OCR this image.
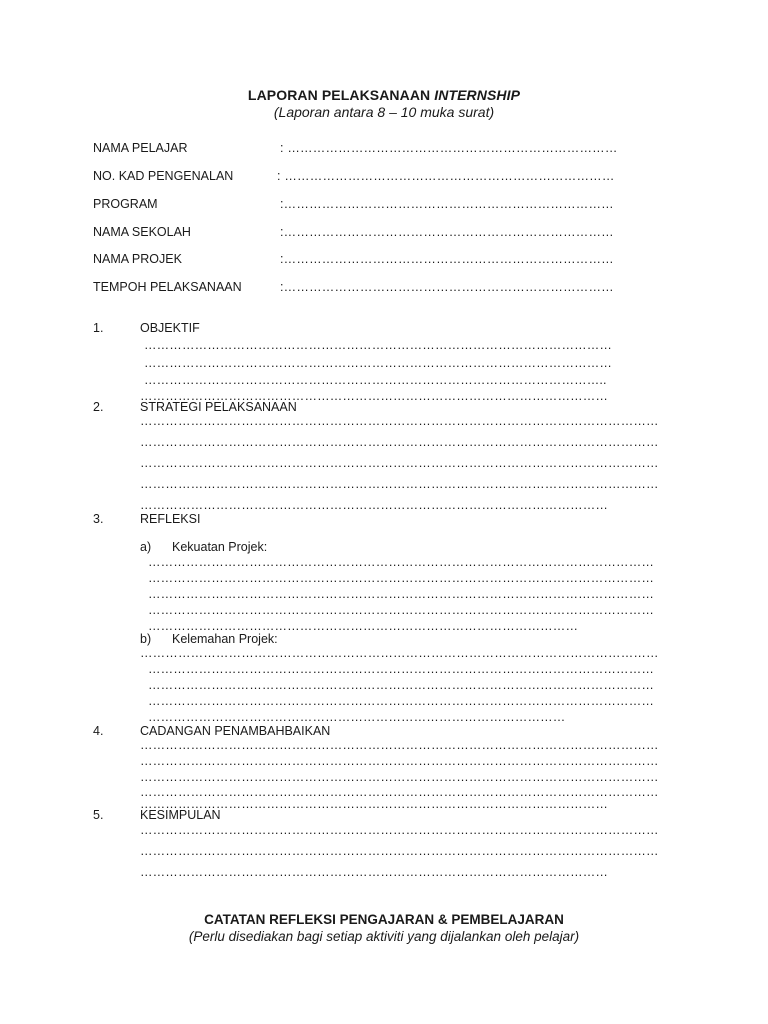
LAPORAN PELAKSANAAN INTERNSHIP
(Laporan antara 8 – 10 muka surat)
NAMA PELAJAR	: ……………………………………………………………………
NO. KAD PENGENALAN	: ……………………………………………………………………
PROGRAM	:……………………………………………………………………
NAMA SEKOLAH	:……………………………………………………………………
NAMA PROJEK	:……………………………………………………………………
TEMPOH PELAKSANAAN	:……………………………………………………………………
1.	OBJEKTIF
…………………………………………………………………………………………………
…………………………………………………………………………………………………
………………………………………………………………………………………………..
…………………………………………………………………………………………………
2.	STRATEGI PELAKSANAAN
……………………………………………………………………………………………………………
……………………………………………………………………………………………………………
……………………………………………………………………………………………………………
……………………………………………………………………………………………………………
…………………………………………………………………………………………………
3.	REFLEKSI
a) Kekuatan Projek:
…………………………………………………………………………………………………………
…………………………………………………………………………………………………………
…………………………………………………………………………………………………………
…………………………………………………………………………………………………………
…………………………………………………………………………………………
b) Kelemahan Projek:
……………………………………………………………………………………………………………
…………………………………………………………………………………………………………
…………………………………………………………………………………………………………
…………………………………………………………………………………………………………
………………………………………………………………………………………
4.	CADANGAN PENAMBAHBAIKAN
……………………………………………………………………………………………………………
……………………………………………………………………………………………………………
……………………………………………………………………………………………………………
……………………………………………………………………………………………………………
…………………………………………………………………………………………………
5.	KESIMPULAN
……………………………………………………………………………………………………………
……………………………………………………………………………………………………………
…………………………………………………………………………………………………
CATATAN REFLEKSI PENGAJARAN & PEMBELAJARAN
(Perlu disediakan bagi setiap aktiviti yang dijalankan oleh pelajar)
